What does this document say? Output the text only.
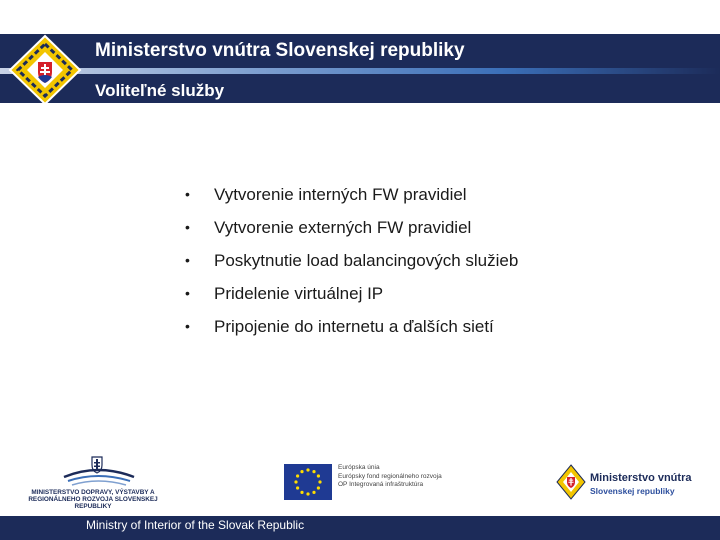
Ministerstvo vnútra Slovenskej republiky
Voliteľné služby
• Vytvorenie interných FW pravidiel
• Vytvorenie externých FW pravidiel
• Poskytnutie load balancingových služieb
• Pridelenie virtuálnej IP
• Pripojenie do internetu a ďalších sietí
MINISTERSTVO DOPRAVY, VÝSTAVBY A REGIONÁLNEHO ROZVOJA SLOVENSKEJ REPUBLIKY
Európska únia
Európsky fond regionálneho rozvoja
OP Integrovaná infraštruktúra
Ministerstvo vnútra
Slovenskej republiky
Ministry of Interior of the Slovak Republic
